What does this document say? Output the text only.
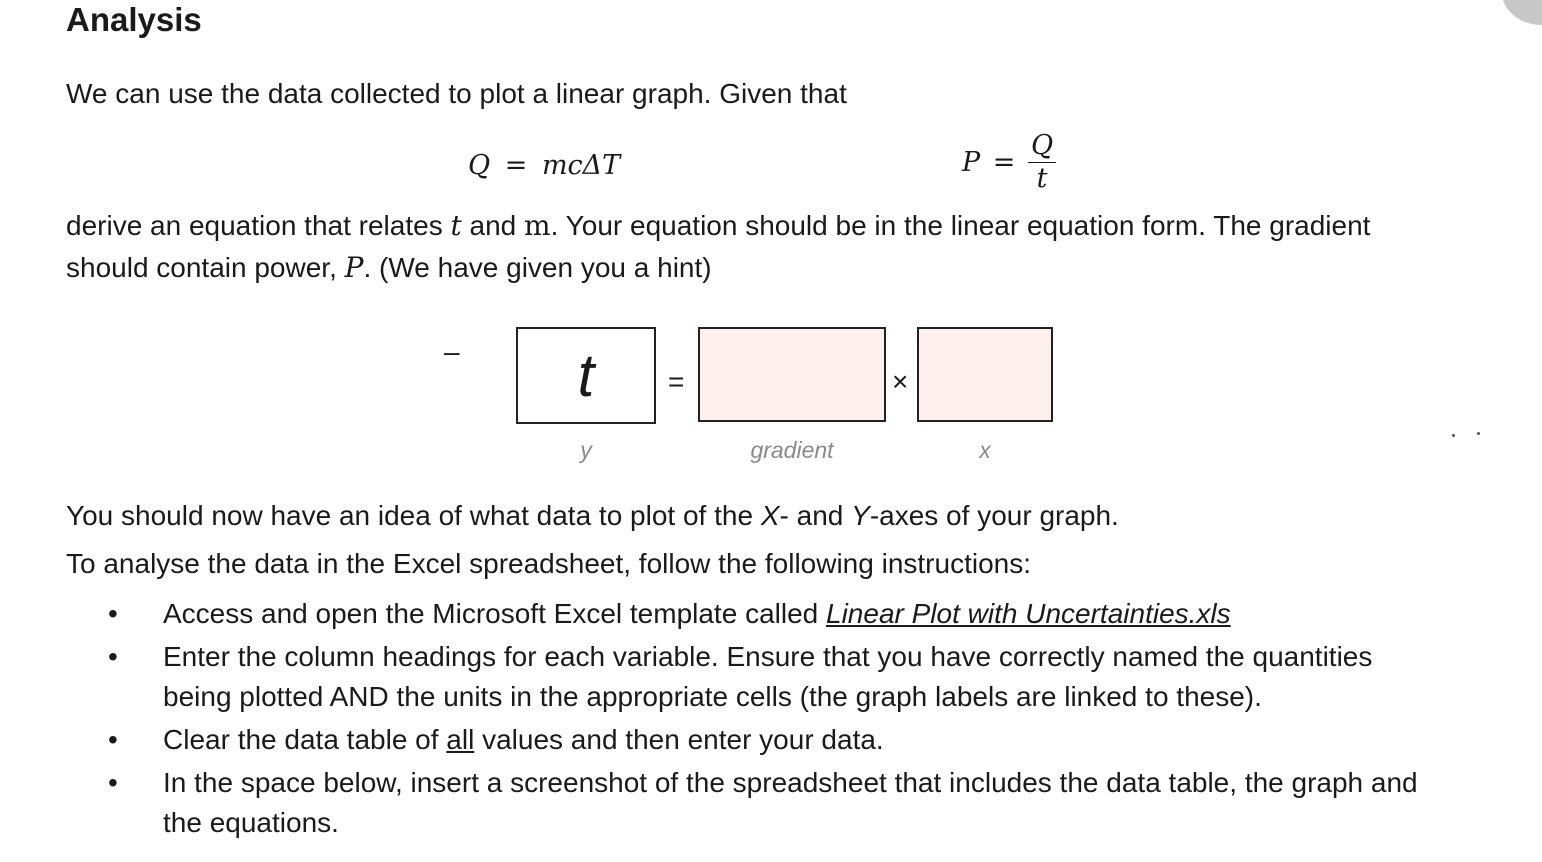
Analysis
We can use the data collected to plot a linear graph. Given that
Q = mcΔT	$P = \frac{Q}{t}$
derive an equation that relates t and m. Your equation should be in the linear equation form. The gradient
should contain power, P. (We have given you a hint)
–	t	=	×
y	gradient	x
You should now have an idea of what data to plot of the X- and Y-axes of your graph.
To analyse the data in the Excel spreadsheet, follow the following instructions:
• Access and open the Microsoft Excel template called Linear Plot with Uncertainties.xls
• Enter the column headings for each variable. Ensure that you have correctly named the quantities being plotted AND the units in the appropriate cells (the graph labels are linked to these).
• Clear the data table of all values and then enter your data.
• In the space below, insert a screenshot of the spreadsheet that includes the data table, the graph and the equations.
